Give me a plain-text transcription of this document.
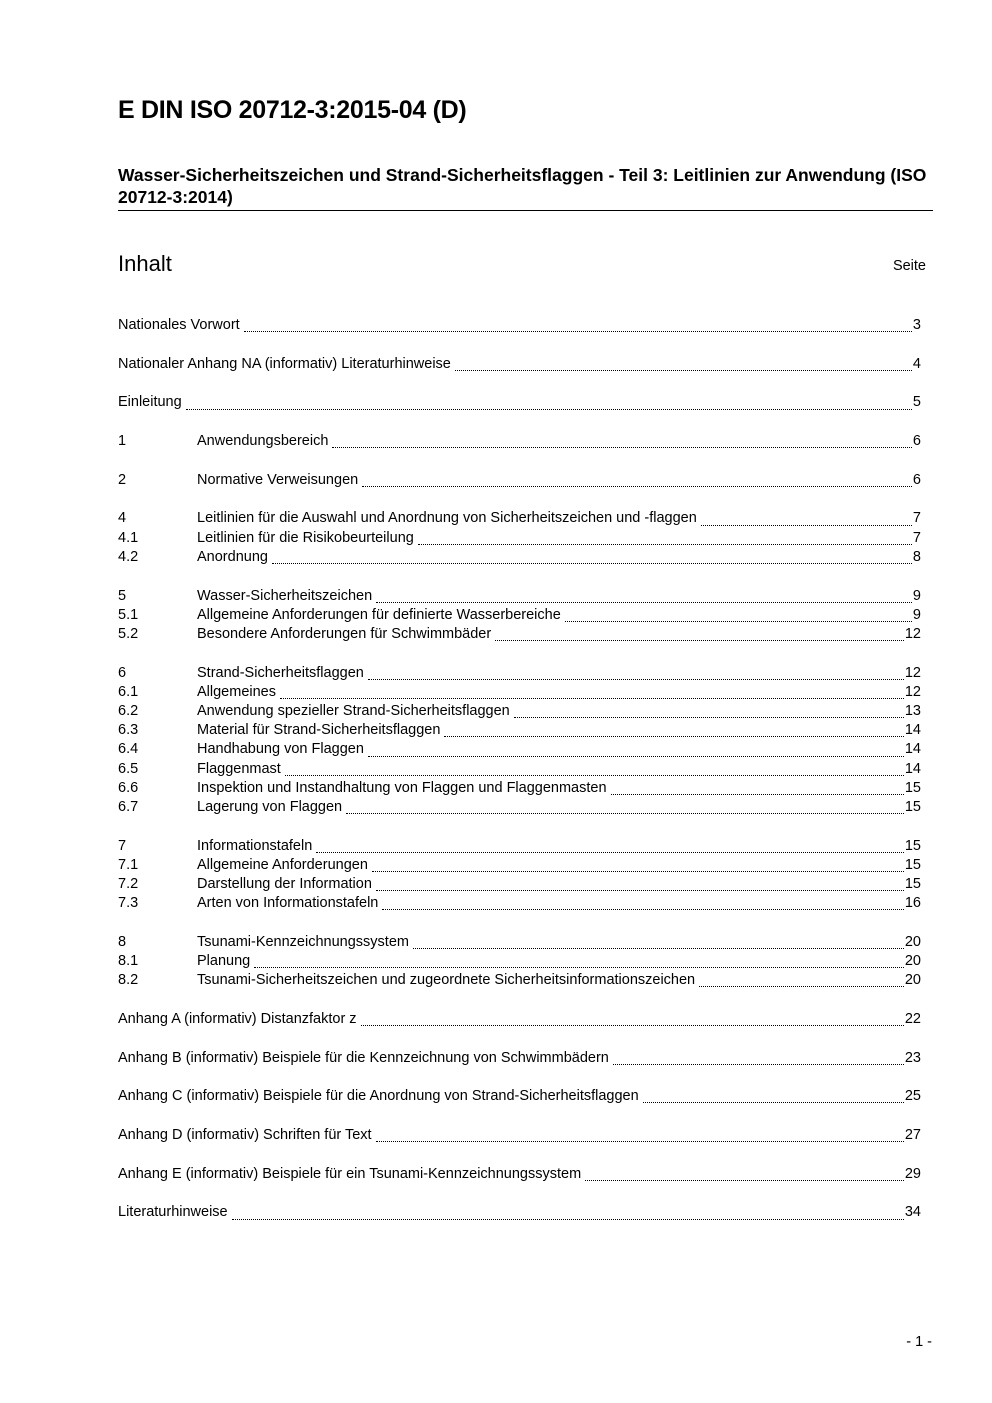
E DIN ISO 20712-3:2015-04 (D)
Wasser-Sicherheitszeichen und Strand-Sicherheitsflaggen - Teil 3: Leitlinien zur Anwendung (ISO 20712-3:2014)
Inhalt	Seite
Nationales Vorwort	3
Nationaler Anhang NA (informativ) Literaturhinweise	4
Einleitung	5
1	Anwendungsbereich	6
2	Normative Verweisungen	6
4	Leitlinien für die Auswahl und Anordnung von Sicherheitszeichen und -flaggen	7
4.1	Leitlinien für die Risikobeurteilung	7
4.2	Anordnung	8
5	Wasser-Sicherheitszeichen	9
5.1	Allgemeine Anforderungen für definierte Wasserbereiche	9
5.2	Besondere Anforderungen für Schwimmbäder	12
6	Strand-Sicherheitsflaggen	12
6.1	Allgemeines	12
6.2	Anwendung spezieller Strand-Sicherheitsflaggen	13
6.3	Material für Strand-Sicherheitsflaggen	14
6.4	Handhabung von Flaggen	14
6.5	Flaggenmast	14
6.6	Inspektion und Instandhaltung von Flaggen und Flaggenmasten	15
6.7	Lagerung von Flaggen	15
7	Informationstafeln	15
7.1	Allgemeine Anforderungen	15
7.2	Darstellung der Information	15
7.3	Arten von Informationstafeln	16
8	Tsunami-Kennzeichnungssystem	20
8.1	Planung	20
8.2	Tsunami-Sicherheitszeichen und zugeordnete Sicherheitsinformationszeichen	20
Anhang A (informativ) Distanzfaktor z	22
Anhang B (informativ) Beispiele für die Kennzeichnung von Schwimmbädern	23
Anhang C (informativ) Beispiele für die Anordnung von Strand-Sicherheitsflaggen	25
Anhang D (informativ) Schriften für Text	27
Anhang E (informativ) Beispiele für ein Tsunami-Kennzeichnungssystem	29
Literaturhinweise	34
- 1 -
